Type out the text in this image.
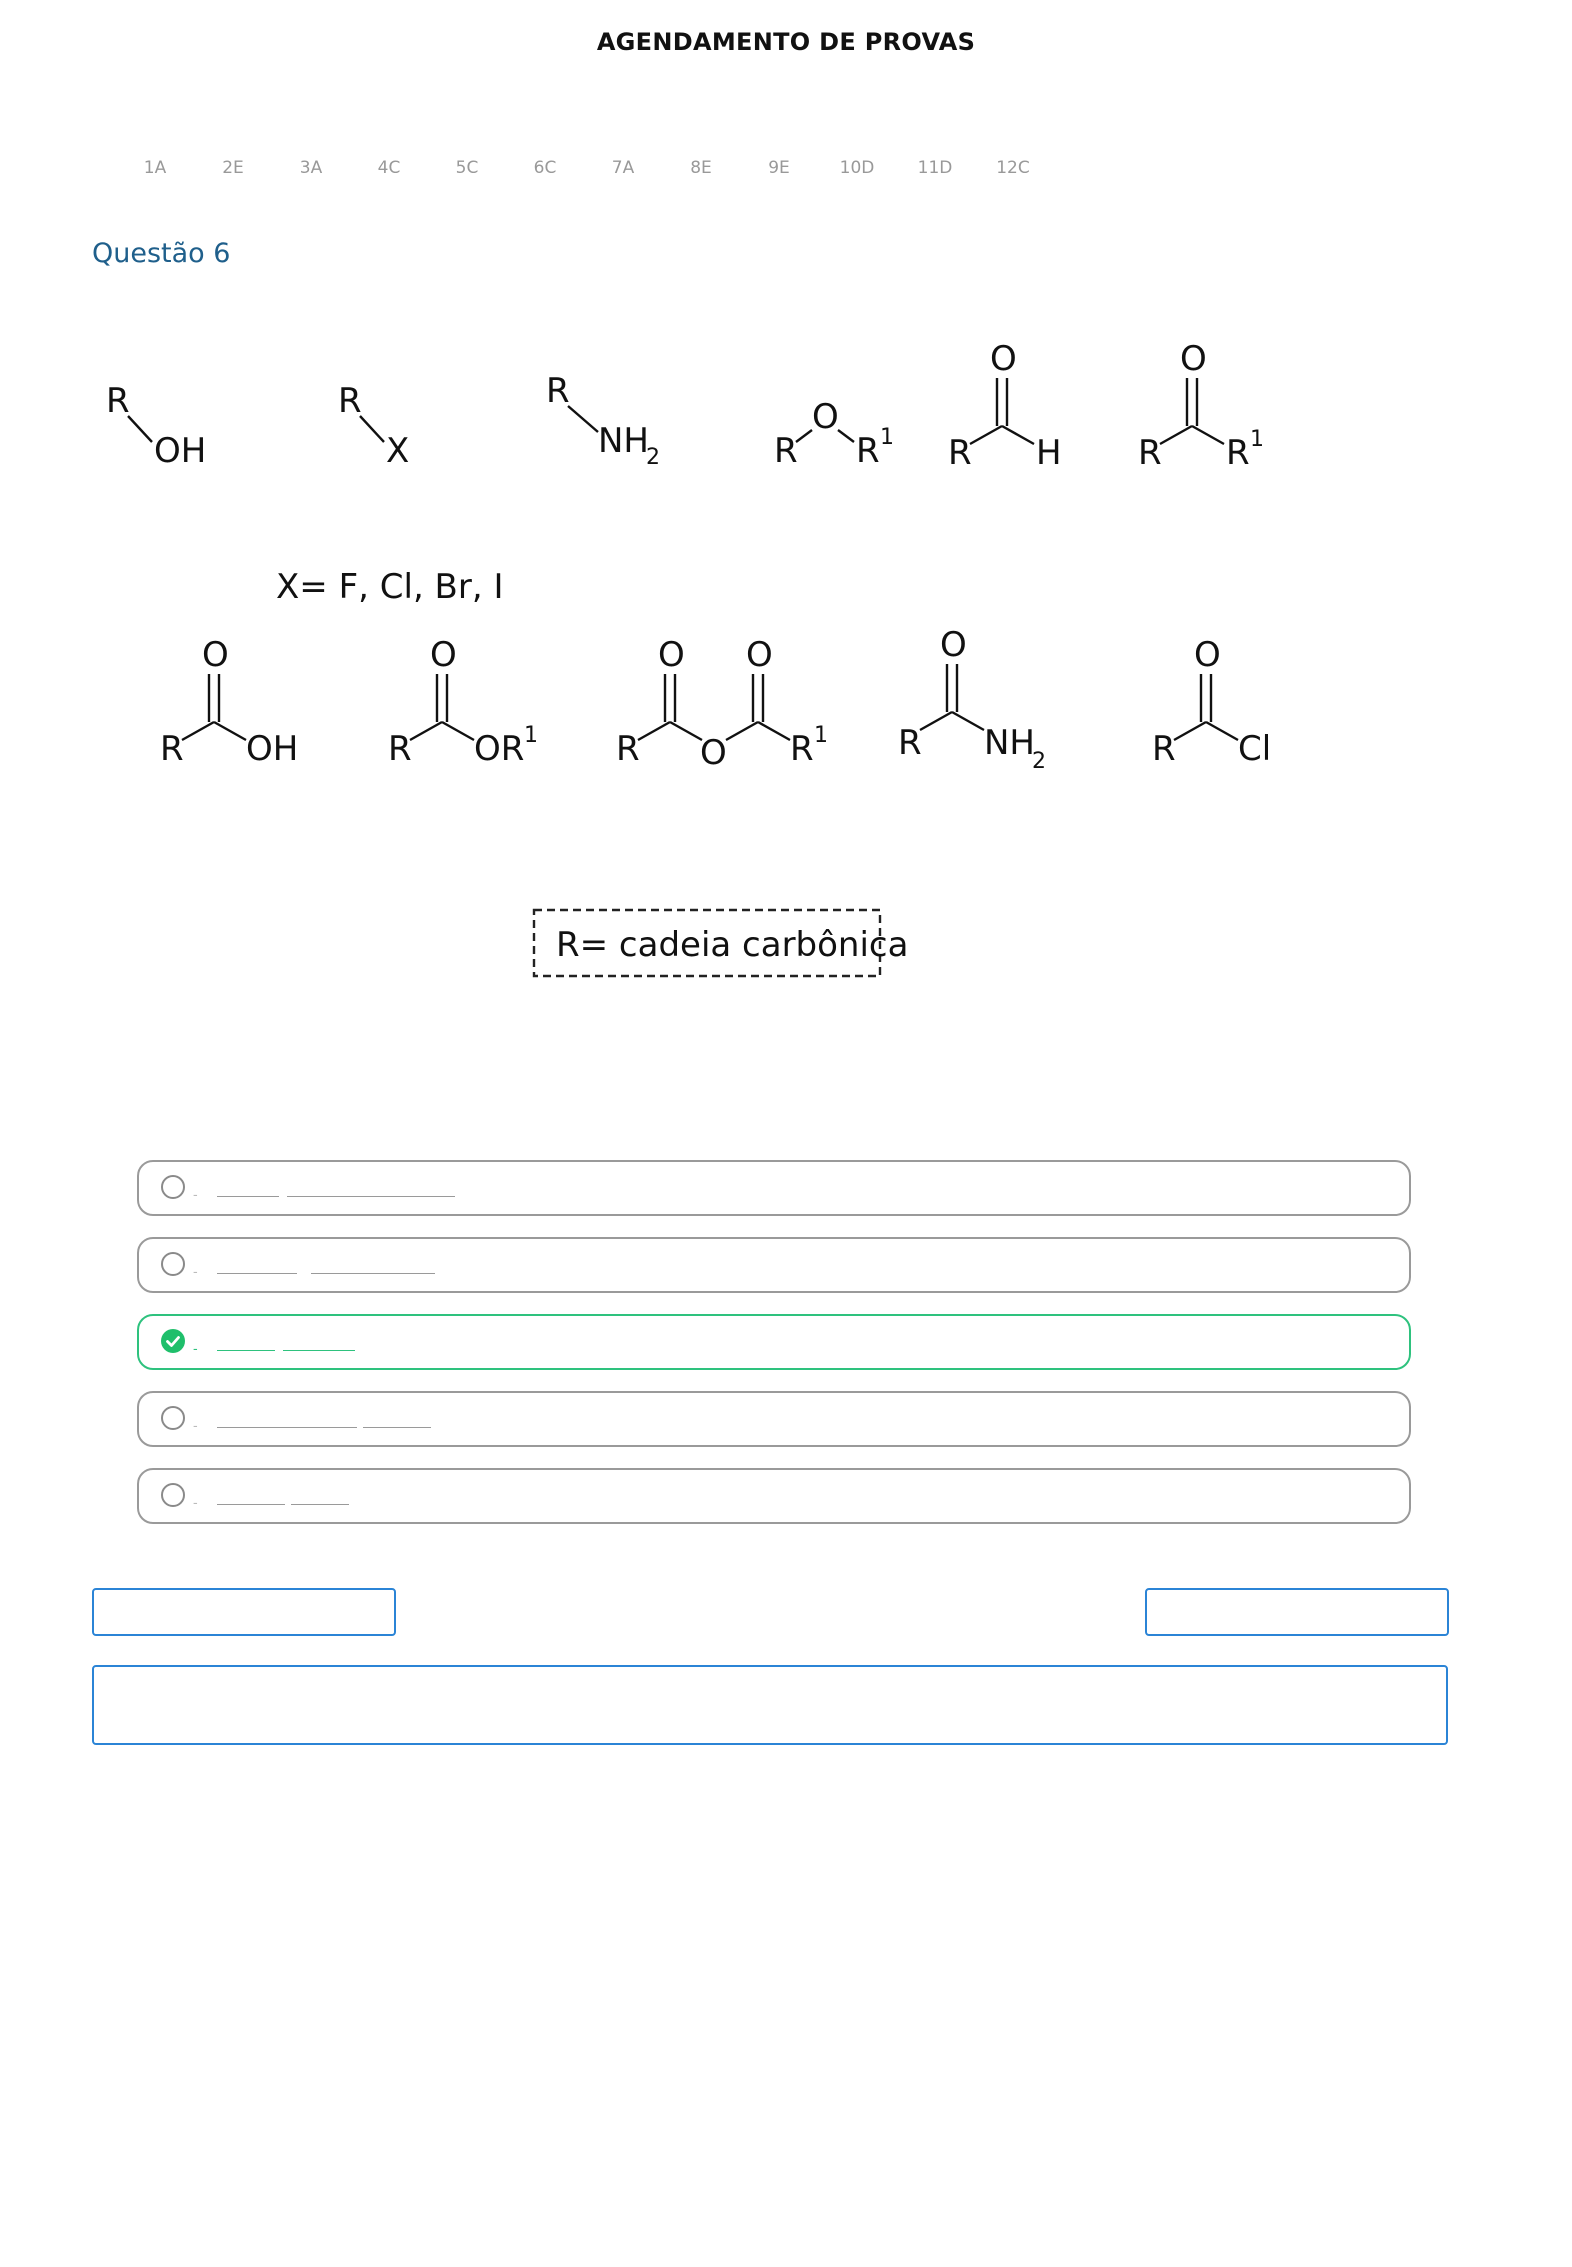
AGENDAMENTO DE PROVAS
1A	2E	3A	4C	5C	6C	7A	8E	9E	10D	11D	12C
Questão 6
R
OH
R
X
R
NH
2	R
O
R 1
O
R H
O
R R 1
X= F, Cl, Br, I
O
R OH
O
R OR 1
O
O
O
R	R 1
O
R NH
2
O
R Cl
R= cadeia carbônica
-
-
-
-
-
